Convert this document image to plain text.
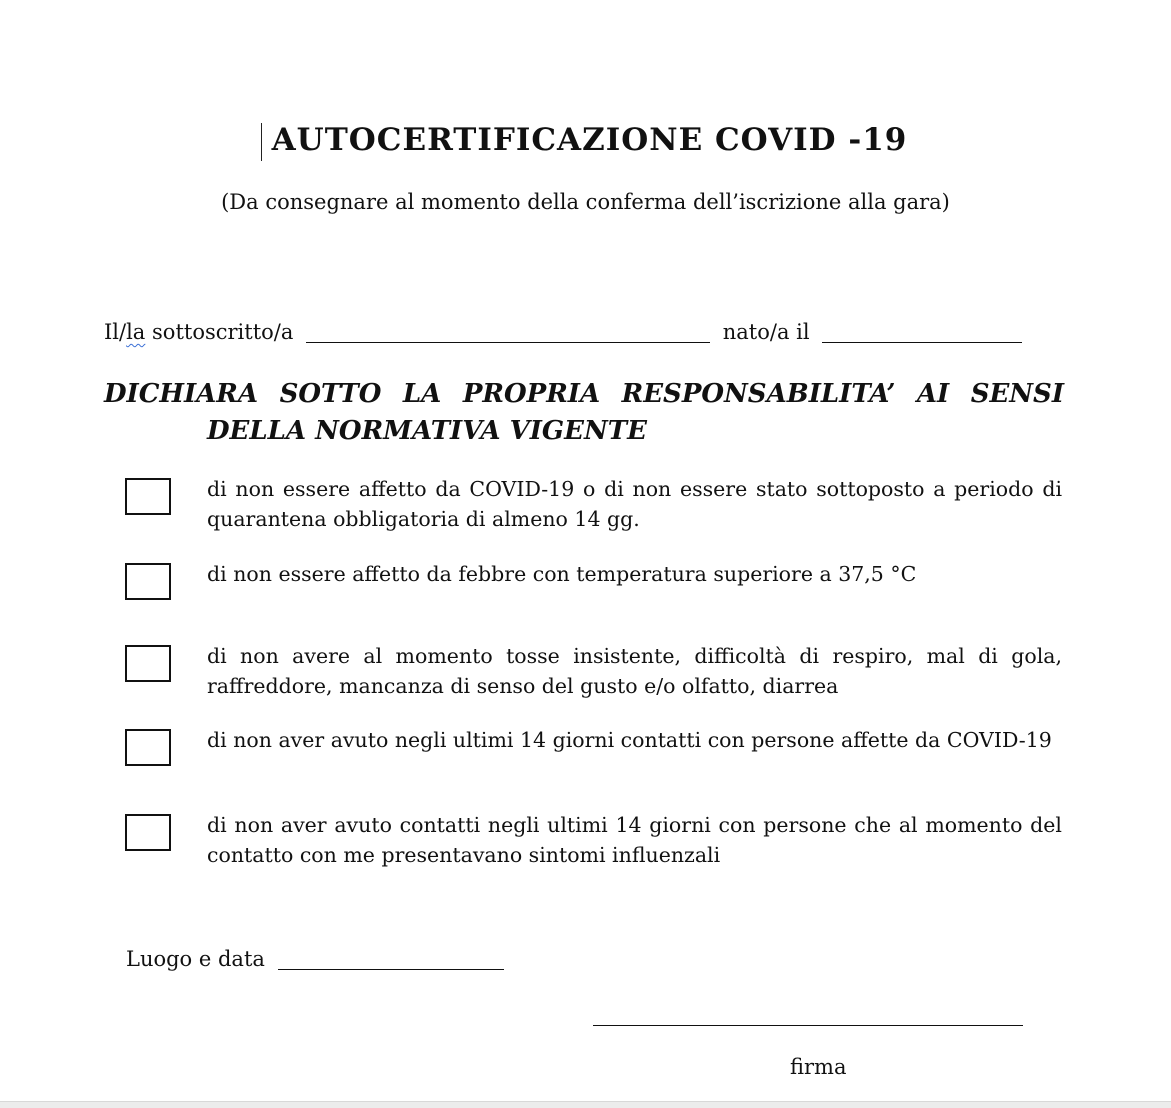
AUTOCERTIFICAZIONE COVID -19
(Da consegnare al momento della conferma dell’iscrizione alla gara)
Il/la sottoscritto/a	nato/a il
DICHIARA SOTTO LA PROPRIA RESPONSABILITA’ AI SENSI
DELLA NORMATIVA VIGENTE
di non essere affetto da COVID-19 o di non essere stato sottoposto a periodo di quarantena obbligatoria di almeno 14 gg.
di non essere affetto da febbre con temperatura superiore a 37,5 °C
di non avere al momento tosse insistente, difficoltà di respiro, mal di gola, raffreddore, mancanza di senso del gusto e/o olfatto, diarrea
di non aver avuto negli ultimi 14 giorni contatti con persone affette da COVID-19
di non aver avuto contatti negli ultimi 14 giorni con persone che al momento del contatto con me presentavano sintomi influenzali
Luogo e data
firma
